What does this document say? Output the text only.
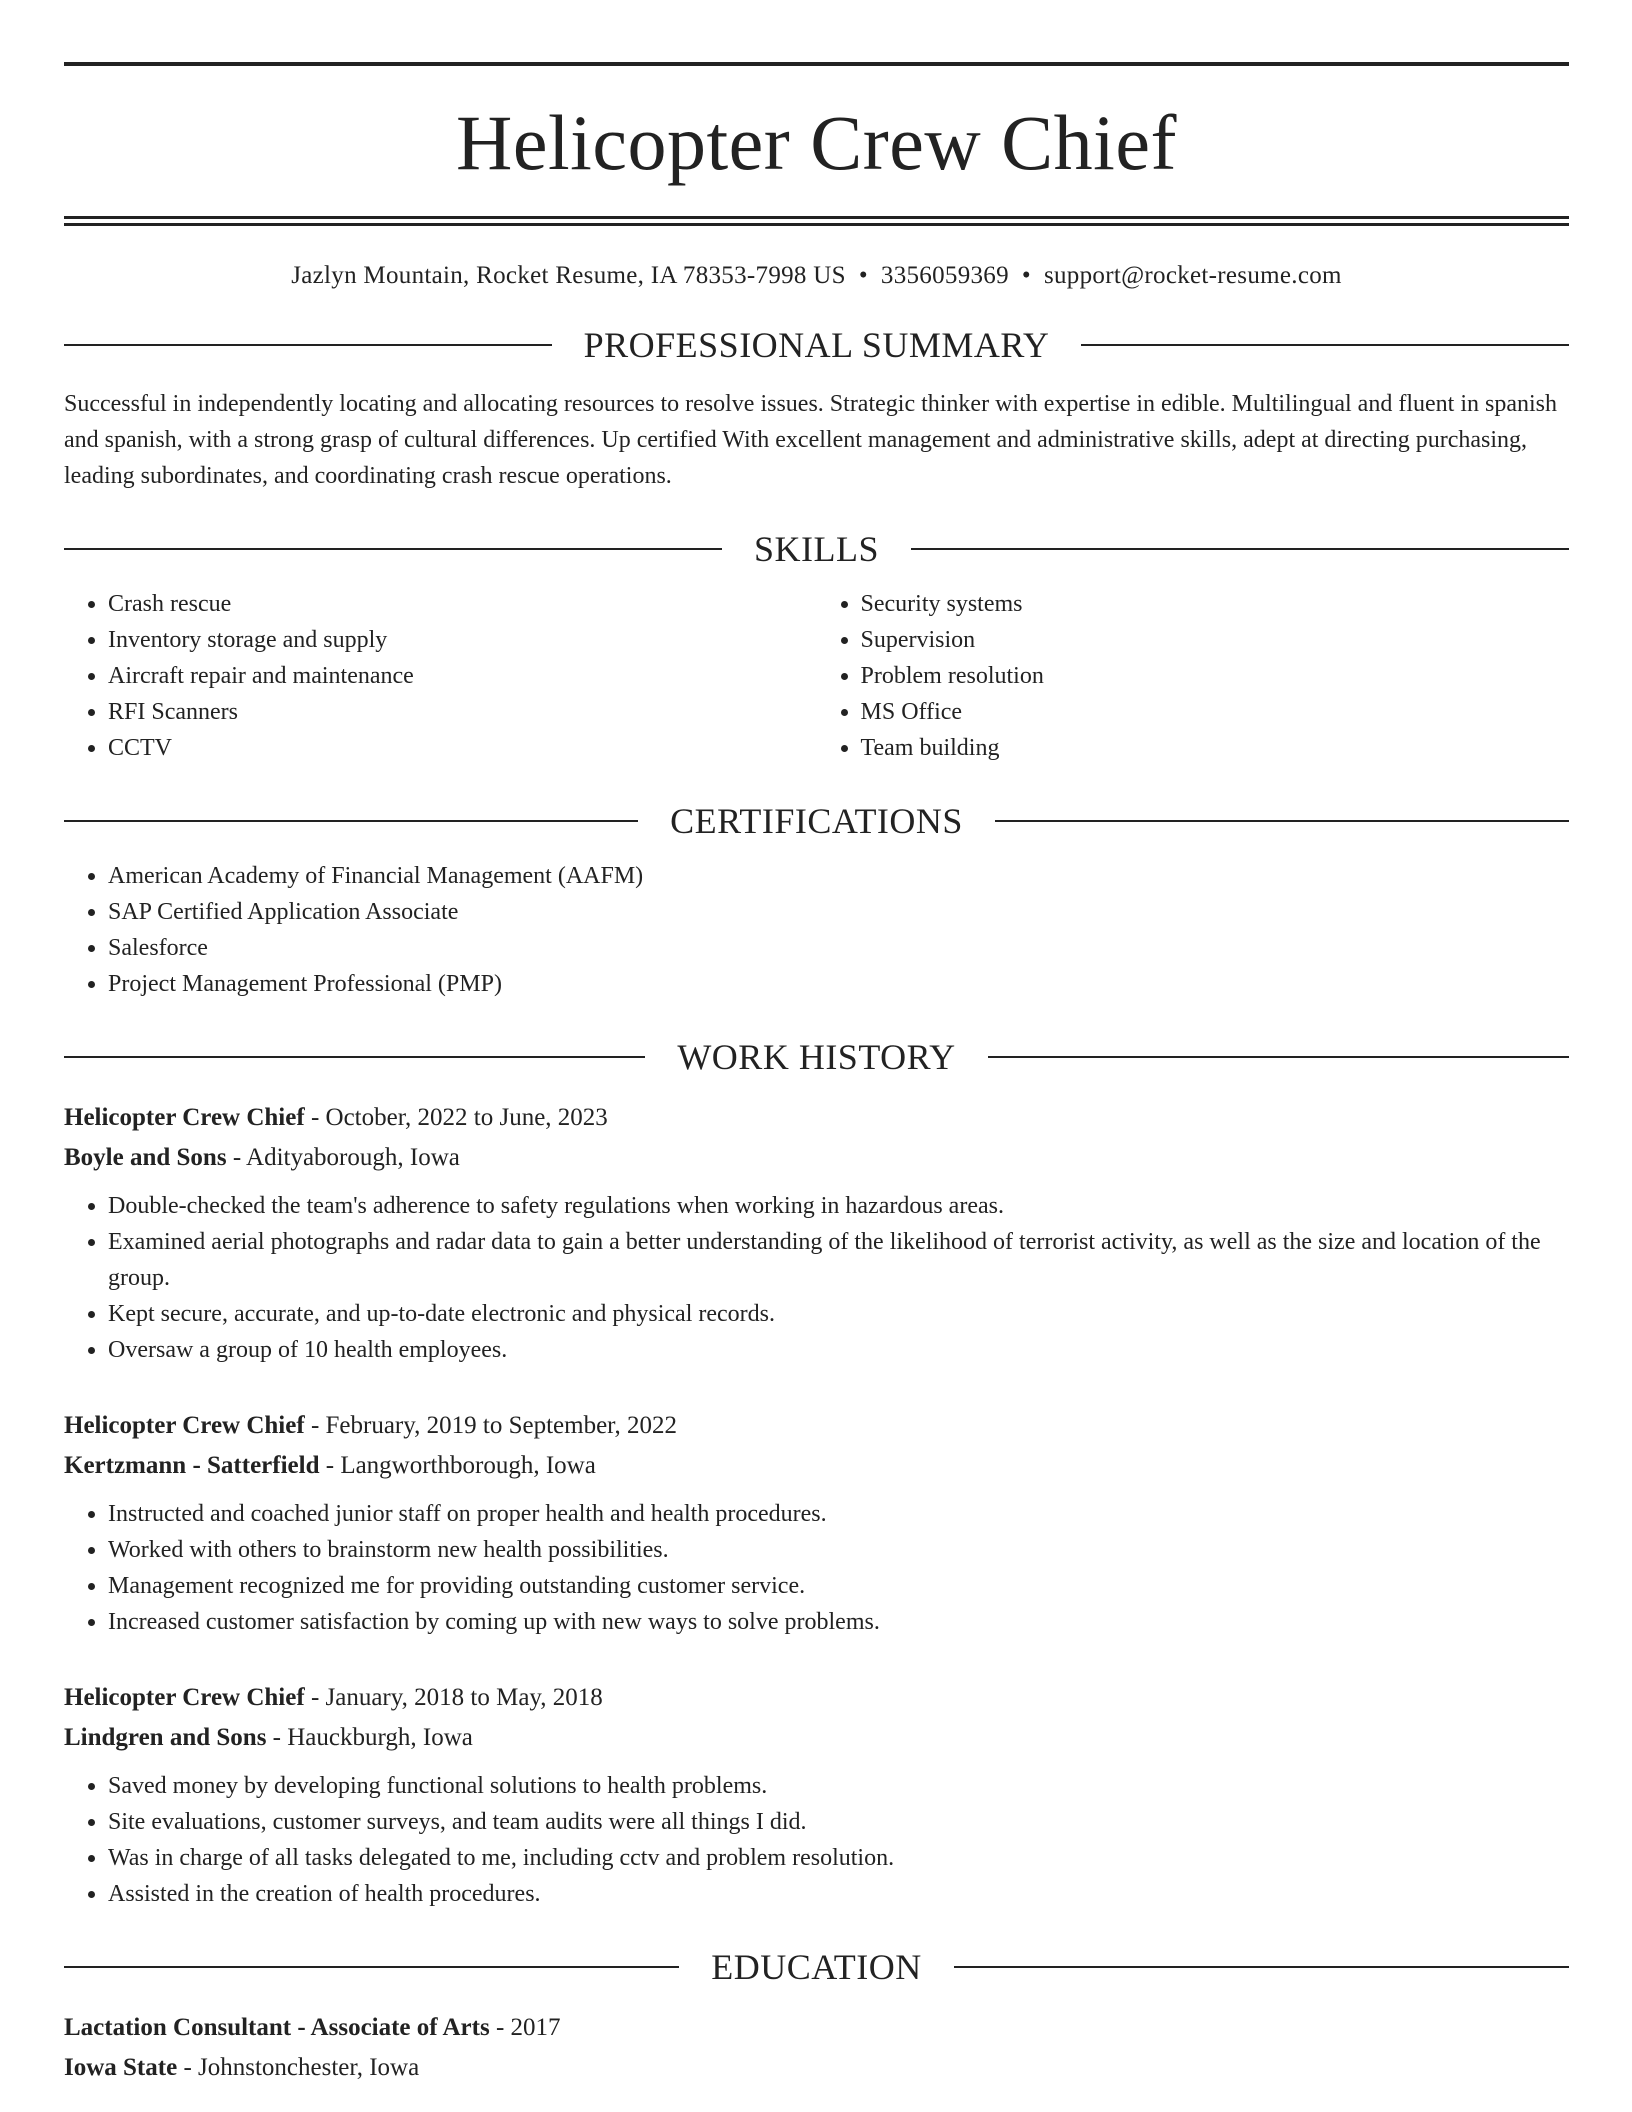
Helicopter Crew Chief
Jazlyn Mountain, Rocket Resume, IA 78353-7998 US • 3356059369 • support@rocket-resume.com
PROFESSIONAL SUMMARY
Successful in independently locating and allocating resources to resolve issues. Strategic thinker with expertise in edible. Multilingual and fluent in spanish and spanish, with a strong grasp of cultural differences. Up certified With excellent management and administrative skills, adept at directing purchasing, leading subordinates, and coordinating crash rescue operations.
SKILLS
• Crash rescue
• Inventory storage and supply
• Aircraft repair and maintenance
• RFI Scanners
• CCTV
• Security systems
• Supervision
• Problem resolution
• MS Office
• Team building
CERTIFICATIONS
• American Academy of Financial Management (AAFM)
• SAP Certified Application Associate
• Salesforce
• Project Management Professional (PMP)
WORK HISTORY
Helicopter Crew Chief - October, 2022 to June, 2023
Boyle and Sons - Adityaborough, Iowa
• Double-checked the team's adherence to safety regulations when working in hazardous areas.
• Examined aerial photographs and radar data to gain a better understanding of the likelihood of terrorist activity, as well as the size and location of the group.
• Kept secure, accurate, and up-to-date electronic and physical records.
• Oversaw a group of 10 health employees.
Helicopter Crew Chief - February, 2019 to September, 2022
Kertzmann - Satterfield - Langworthborough, Iowa
• Instructed and coached junior staff on proper health and health procedures.
• Worked with others to brainstorm new health possibilities.
• Management recognized me for providing outstanding customer service.
• Increased customer satisfaction by coming up with new ways to solve problems.
Helicopter Crew Chief - January, 2018 to May, 2018
Lindgren and Sons - Hauckburgh, Iowa
• Saved money by developing functional solutions to health problems.
• Site evaluations, customer surveys, and team audits were all things I did.
• Was in charge of all tasks delegated to me, including cctv and problem resolution.
• Assisted in the creation of health procedures.
EDUCATION
Lactation Consultant - Associate of Arts - 2017
Iowa State - Johnstonchester, Iowa
